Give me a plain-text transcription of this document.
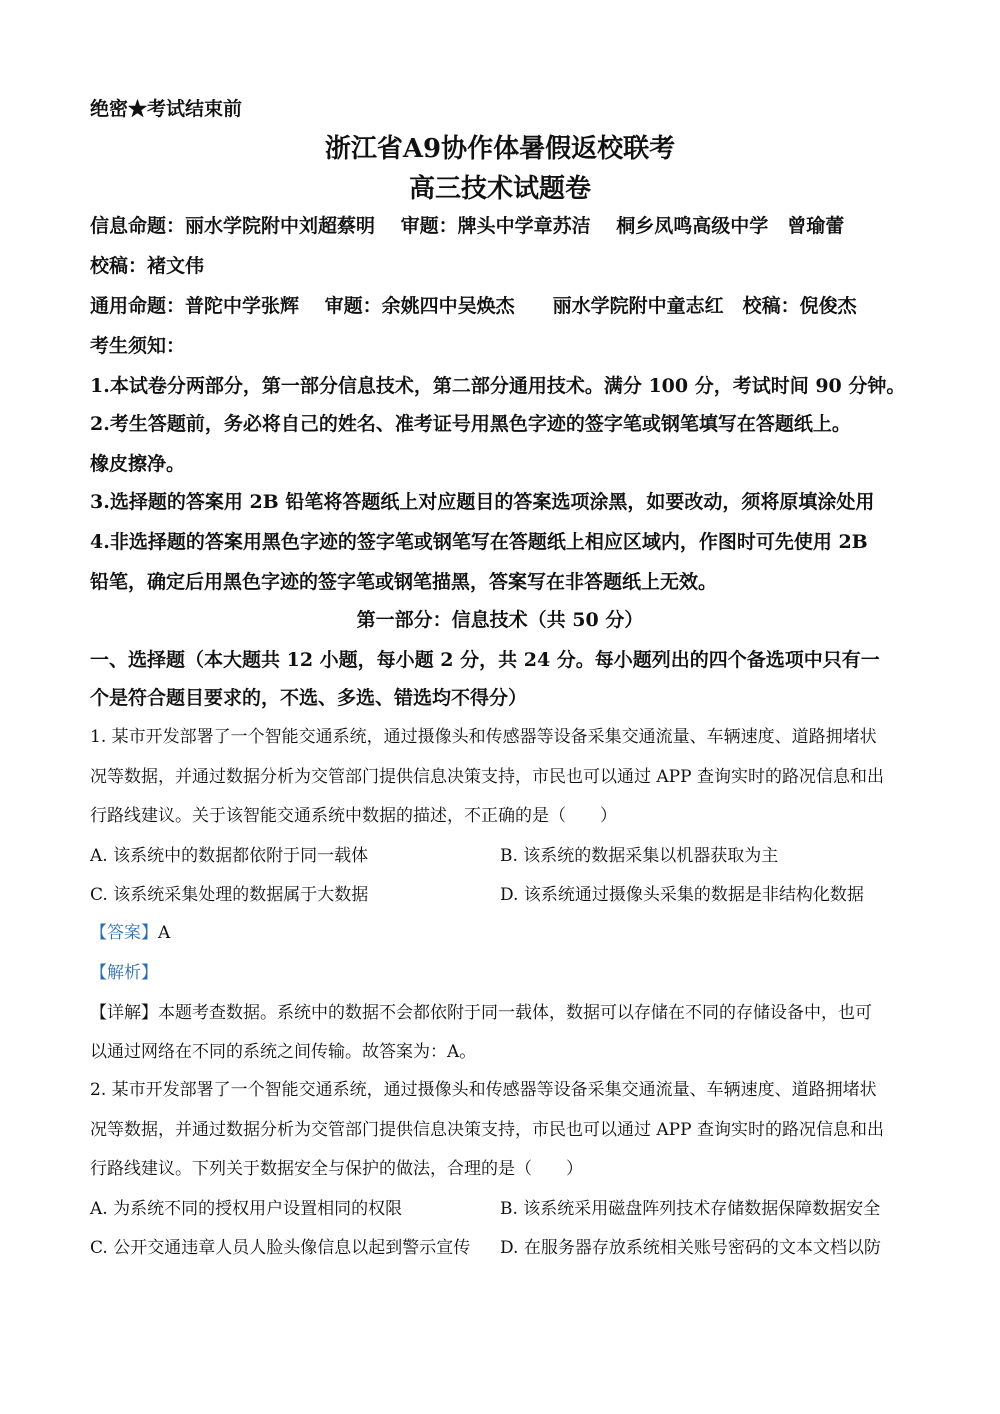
绝密★考试结束前
浙江省A9协作体暑假返校联考
高三技术试题卷
信息命题：丽水学院附中刘超蔡明　 审题：牌头中学章苏洁　 桐乡凤鸣高级中学　曾瑜蕾
校稿：褚文伟
通用命题：普陀中学张辉　 审题：余姚四中吴焕杰　　丽水学院附中童志红　校稿：倪俊杰
考生须知：
1.本试卷分两部分，第一部分信息技术，第二部分通用技术。满分 100 分，考试时间 90 分钟。
2.考生答题前，务必将自己的姓名、准考证号用黑色字迹的签字笔或钢笔填写在答题纸上。
橡皮擦净。
3.选择题的答案用 2B 铅笔将答题纸上对应题目的答案选项涂黑，如要改动，须将原填涂处用
4.非选择题的答案用黑色字迹的签字笔或钢笔写在答题纸上相应区域内，作图时可先使用 2B
铅笔，确定后用黑色字迹的签字笔或钢笔描黑，答案写在非答题纸上无效。
第一部分：信息技术（共 50 分）
一、选择题（本大题共 12 小题，每小题 2 分，共 24 分。每小题列出的四个备选项中只有一
个是符合题目要求的，不选、多选、错选均不得分）
1. 某市开发部署了一个智能交通系统，通过摄像头和传感器等设备采集交通流量、车辆速度、道路拥堵状
况等数据，并通过数据分析为交管部门提供信息决策支持，市民也可以通过 APP 查询实时的路况信息和出
行路线建议。关于该智能交通系统中数据的描述，不正确的是（　　）
A. 该系统中的数据都依附于同一载体	B. 该系统的数据采集以机器获取为主
C. 该系统采集处理的数据属于大数据	D. 该系统通过摄像头采集的数据是非结构化数据
【答案】A
【解析】
【详解】本题考查数据。系统中的数据不会都依附于同一载体，数据可以存储在不同的存储设备中，也可
以通过网络在不同的系统之间传输。故答案为：A。
2. 某市开发部署了一个智能交通系统，通过摄像头和传感器等设备采集交通流量、车辆速度、道路拥堵状
况等数据，并通过数据分析为交管部门提供信息决策支持，市民也可以通过 APP 查询实时的路况信息和出
行路线建议。下列关于数据安全与保护的做法，合理的是（　　）
A. 为系统不同的授权用户设置相同的权限	B. 该系统采用磁盘阵列技术存储数据保障数据安全
C. 公开交通违章人员人脸头像信息以起到警示宣传 D. 在服务器存放系统相关账号密码的文本文档以防
